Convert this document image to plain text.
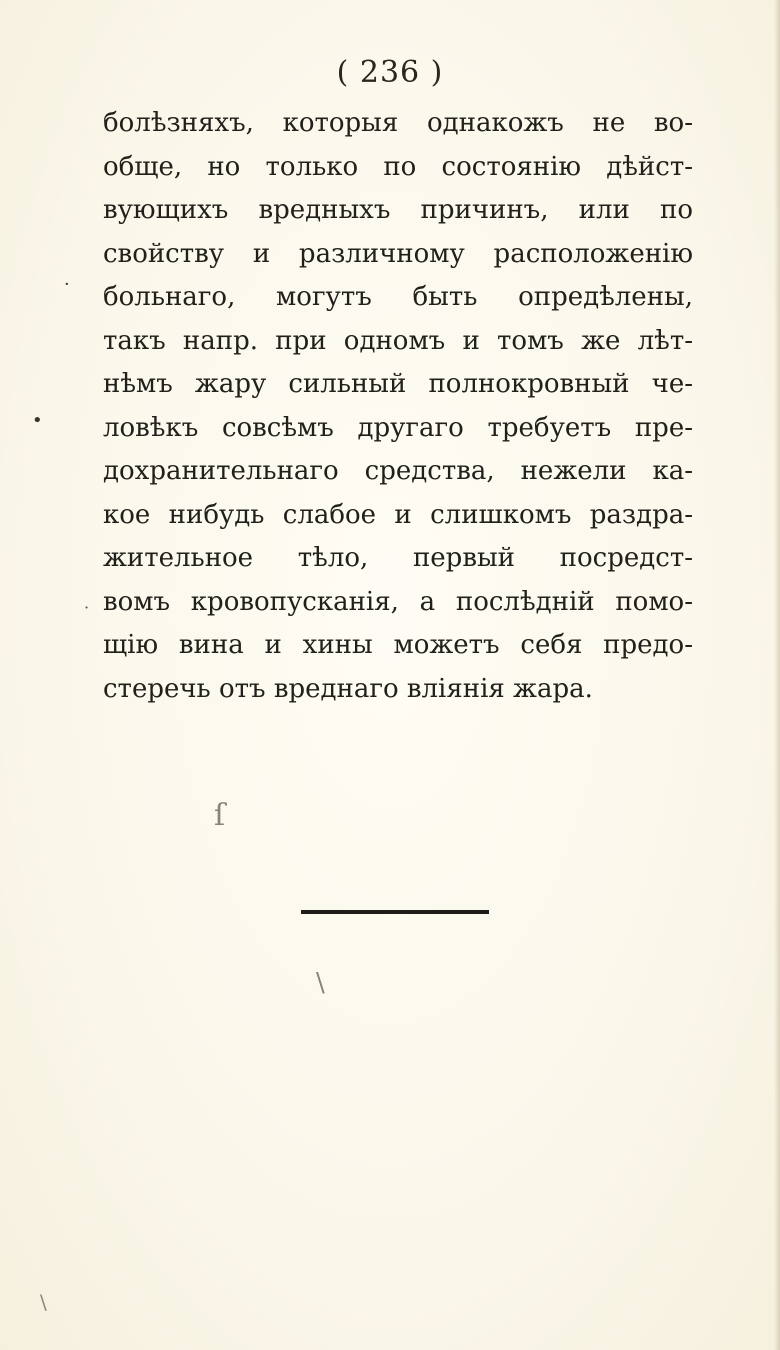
( 236 )
болѣзняхъ, которыя однакожъ не во-
обще, но только по состоянію дѣйст-
вующихъ вредныхъ причинъ, или по
свойству и различному расположенію
больнаго, могутъ быть опредѣлены,
такъ напр. при одномъ и томъ же лѣт-
нѣмъ жару сильный полнокровный че-
ловѣкъ совсѣмъ другаго требуетъ пре-
дохранительнаго средства, нежели ка-
кое нибудь слабое и слишкомъ раздра-
жительное тѣло, первый посредст-
вомъ кровопусканія, а послѣдній помо-
щію вина и хины можетъ себя предо-
стеречь отъ вреднаго вліянія жара.
·
•
·
ſ
\
\
